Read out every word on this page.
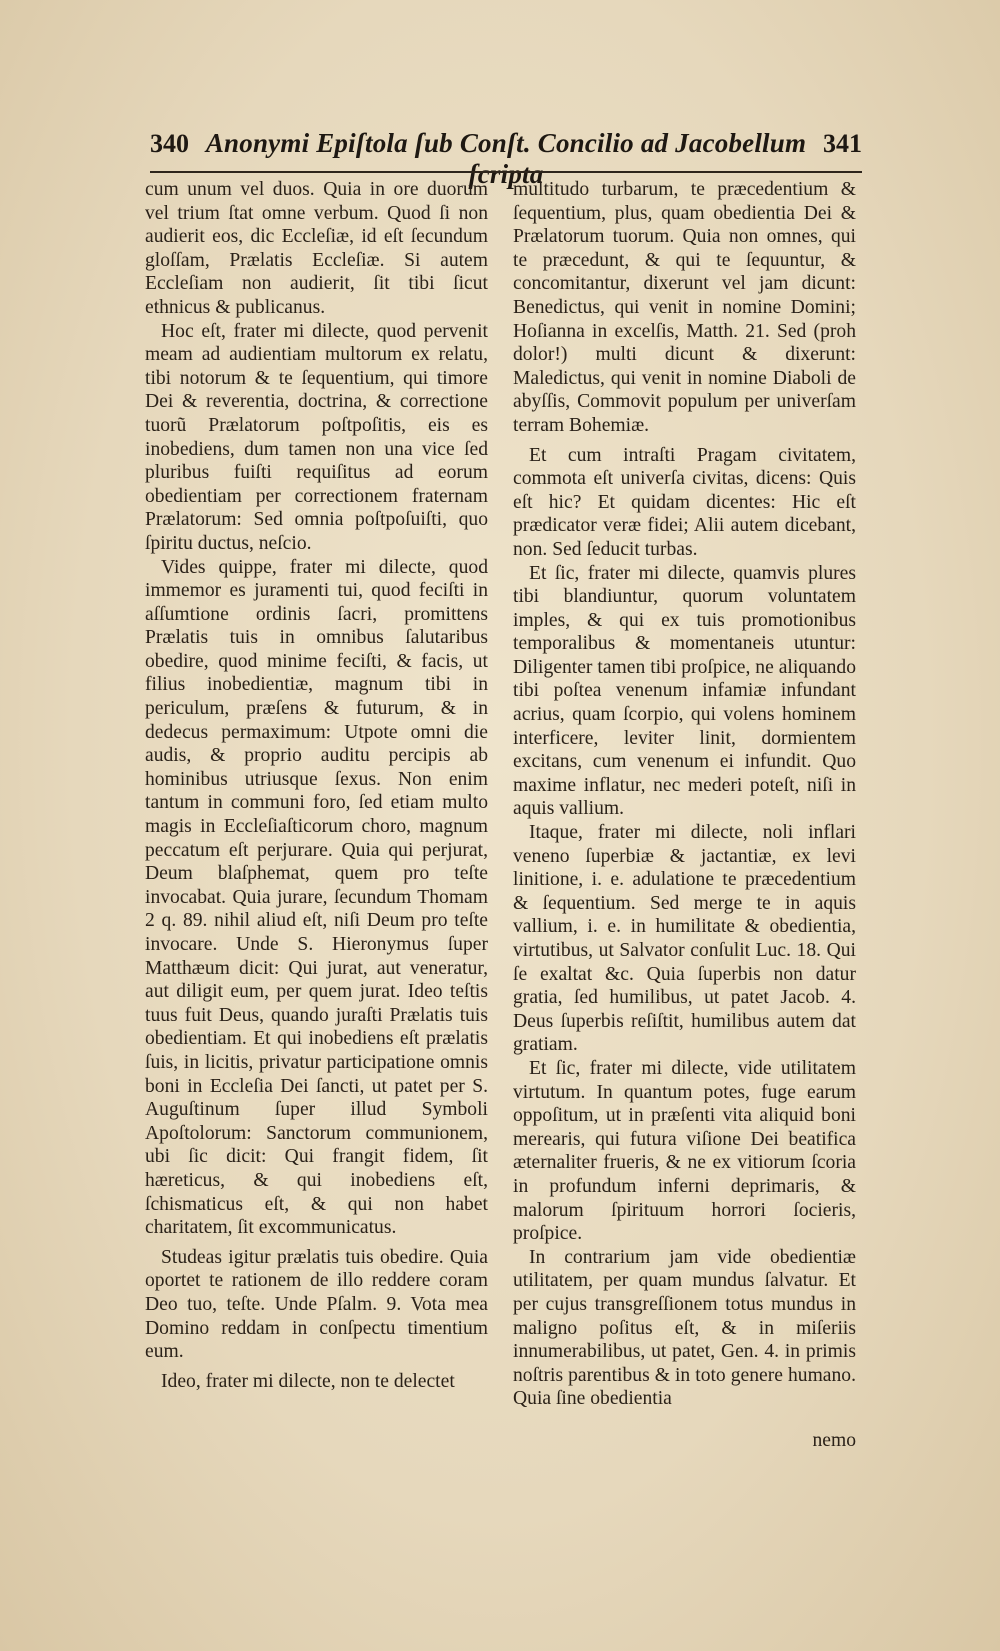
340 Anonymi Epiſtola ſub Conſt. Concilio ad Jacobellum ſcripta
341

cum unum vel duos. Quia in ore duorum vel trium ſtat omne verbum. Quod ſi non audierit eos, dic Eccleſiæ, id eſt ſecundum gloſſam, Prælatis Eccleſiæ. Si autem Eccleſiam non audierit, ſit tibi ſicut ethnicus & publicanus.

Hoc eſt, frater mi dilecte, quod pervenit meam ad audientiam multorum ex relatu, tibi notorum & te ſequentium, qui timore Dei & reverentia, doctrina, & correctione tuorũ Prælatorum poſtpoſitis, eis es inobediens, dum tamen non una vice ſed pluribus fuiſti requiſitus ad eorum obedientiam per correctionem fraternam Prælatorum: Sed omnia poſtpoſuiſti, quo ſpiritu ductus, neſcio.

Vides quippe, frater mi dilecte, quod immemor es juramenti tui, quod feciſti in aſſumtione ordinis ſacri, promittens Prælatis tuis in omnibus ſalutaribus obedire, quod minime feciſti, & facis, ut filius inobedientiæ, magnum tibi in periculum, præſens & futurum, & in dedecus permaximum: Utpote omni die audis, & proprio auditu percipis ab hominibus utriusque ſexus. Non enim tantum in communi foro, ſed etiam multo magis in Eccleſiaſticorum choro, magnum peccatum eſt perjurare. Quia qui perjurat, Deum blaſphemat, quem pro teſte invocabat. Quia jurare, ſecundum Thomam 2 q. 89. nihil aliud eſt, niſi Deum pro teſte invocare. Unde S. Hieronymus ſuper Matthæum dicit: Qui jurat, aut veneratur, aut diligit eum, per quem jurat. Ideo teſtis tuus fuit Deus, quando juraſti Prælatis tuis obedientiam. Et qui inobediens eſt prælatis ſuis, in licitis, privatur participatione omnis boni in Eccleſia Dei ſancti, ut patet per S. Auguſtinum ſuper illud Symboli Apoſtolorum: Sanctorum communionem, ubi ſic dicit: Qui frangit fidem, ſit hæreticus, & qui inobediens eſt, ſchismaticus eſt, & qui non habet charitatem, ſit excommunicatus.

Studeas igitur prælatis tuis obedire. Quia oportet te rationem de illo reddere coram Deo tuo, teſte. Unde Pſalm. 9. Vota mea Domino reddam in conſpectu timentium eum.

Ideo, frater mi dilecte, non te delectet

multitudo turbarum, te præcedentium & ſequentium, plus, quam obedientia Dei & Prælatorum tuorum. Quia non omnes, qui te præcedunt, & qui te ſequuntur, & concomitantur, dixerunt vel jam dicunt: Benedictus, qui venit in nomine Domini; Hoſianna in excelſis, Matth. 21. Sed (proh dolor!) multi dicunt & dixerunt: Maledictus, qui venit in nomine Diaboli de abyſſis, Commovit populum per univerſam terram Bohemiæ.

Et cum intraſti Pragam civitatem, commota eſt univerſa civitas, dicens: Quis eſt hic? Et quidam dicentes: Hic eſt prædicator veræ fidei; Alii autem dicebant, non. Sed ſeducit turbas.

Et ſic, frater mi dilecte, quamvis plures tibi blandiuntur, quorum voluntatem imples, & qui ex tuis promotionibus temporalibus & momentaneis utuntur: Diligenter tamen tibi proſpice, ne aliquando tibi poſtea venenum infamiæ infundant acrius, quam ſcorpio, qui volens hominem interficere, leviter linit, dormientem excitans, cum venenum ei infundit. Quo maxime inflatur, nec mederi poteſt, niſi in aquis vallium.

Itaque, frater mi dilecte, noli inflari veneno ſuperbiæ & jactantiæ, ex levi linitione, i. e. adulatione te præcedentium & ſequentium. Sed merge te in aquis vallium, i. e. in humilitate & obedientia, virtutibus, ut Salvator conſulit Luc. 18. Qui ſe exaltat &c. Quia ſuperbis non datur gratia, ſed humilibus, ut patet Jacob. 4. Deus ſuperbis reſiſtit, humilibus autem dat gratiam.

Et ſic, frater mi dilecte, vide utilitatem virtutum. In quantum potes, fuge earum oppoſitum, ut in præſenti vita aliquid boni merearis, qui futura viſione Dei beatifica æternaliter frueris, & ne ex vitiorum ſcoria in profundum inferni deprimaris, & malorum ſpirituum horrori ſocieris, proſpice.

In contrarium jam vide obedientiæ utilitatem, per quam mundus ſalvatur. Et per cujus transgreſſionem totus mundus in maligno poſitus eſt, & in miſeriis innumerabilibus, ut patet, Gen. 4. in primis noſtris parentibus & in toto genere humano. Quia ſine obedientia

nemo
